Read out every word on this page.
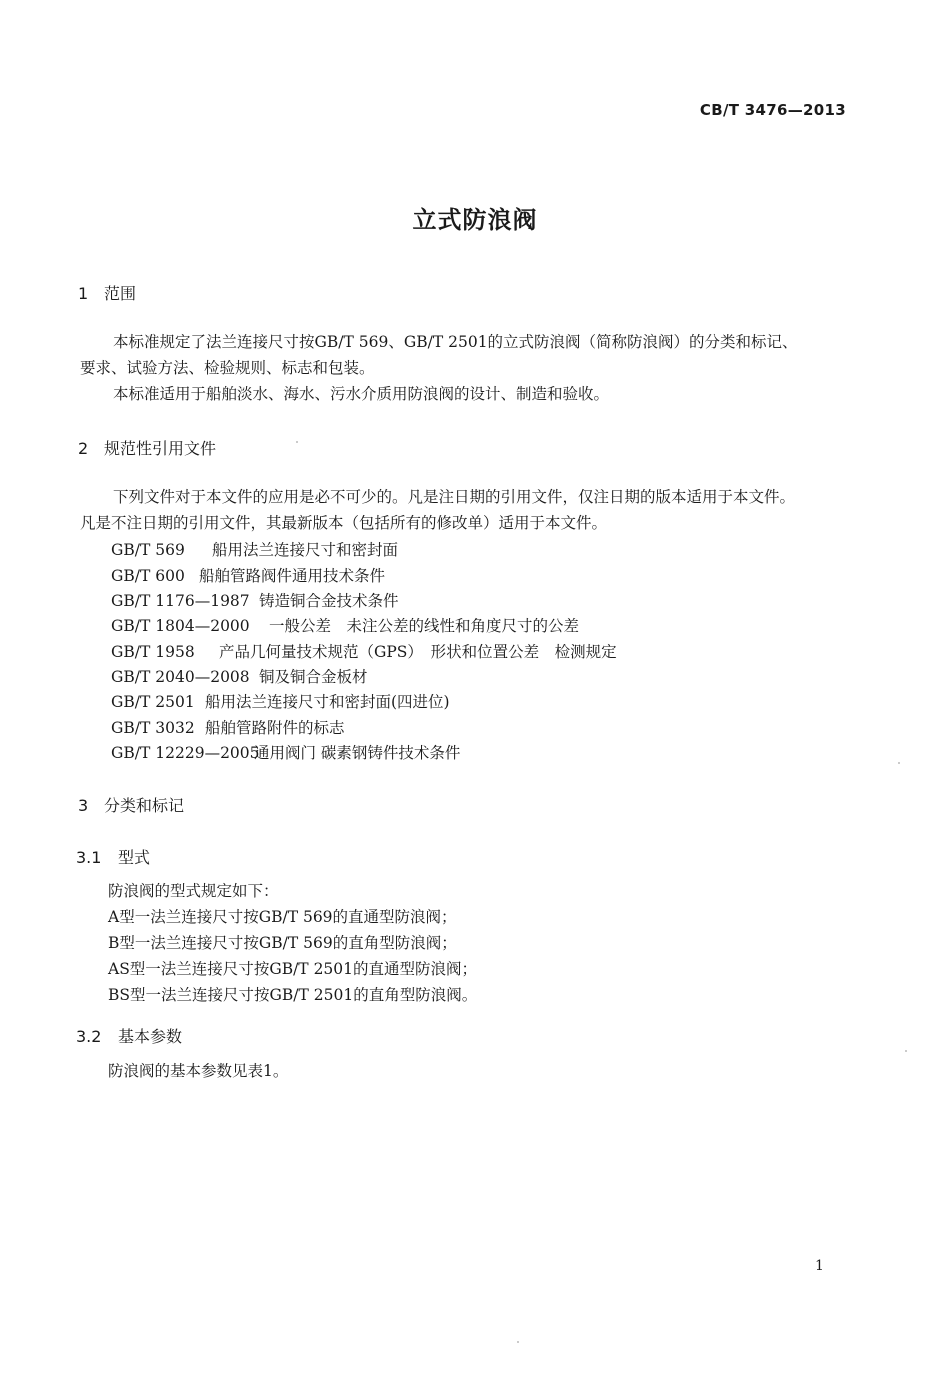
CB/T 3476—2013
立式防浪阀
1 范围
本标准规定了法兰连接尺寸按GB/T 569、GB/T 2501的立式防浪阀（简称防浪阀）的分类和标记、
要求、试验方法、检验规则、标志和包装。
本标准适用于船舶淡水、海水、污水介质用防浪阀的设计、制造和验收。
2 规范性引用文件
下列文件对于本文件的应用是必不可少的。凡是注日期的引用文件，仅注日期的版本适用于本文件。
凡是不注日期的引用文件，其最新版本（包括所有的修改单）适用于本文件。
GB/T 569 船用法兰连接尺寸和密封面
GB/T 600 船舶管路阀件通用技术条件
GB/T 1176—1987 铸造铜合金技术条件
GB/T 1804—2000 一般公差　未注公差的线性和角度尺寸的公差
GB/T 1958 产品几何量技术规范（GPS）　形状和位置公差　检测规定
GB/T 2040—2008 铜及铜合金板材
GB/T 2501 船用法兰连接尺寸和密封面(四进位)
GB/T 3032 船舶管路附件的标志
GB/T 12229—2005通用阀门 碳素钢铸件技术条件
3 分类和标记
3.1 型式
防浪阀的型式规定如下：
A型一法兰连接尺寸按GB/T 569的直通型防浪阀；
B型一法兰连接尺寸按GB/T 569的直角型防浪阀；
AS型一法兰连接尺寸按GB/T 2501的直通型防浪阀；
BS型一法兰连接尺寸按GB/T 2501的直角型防浪阀。
3.2 基本参数
防浪阀的基本参数见表1。
1
